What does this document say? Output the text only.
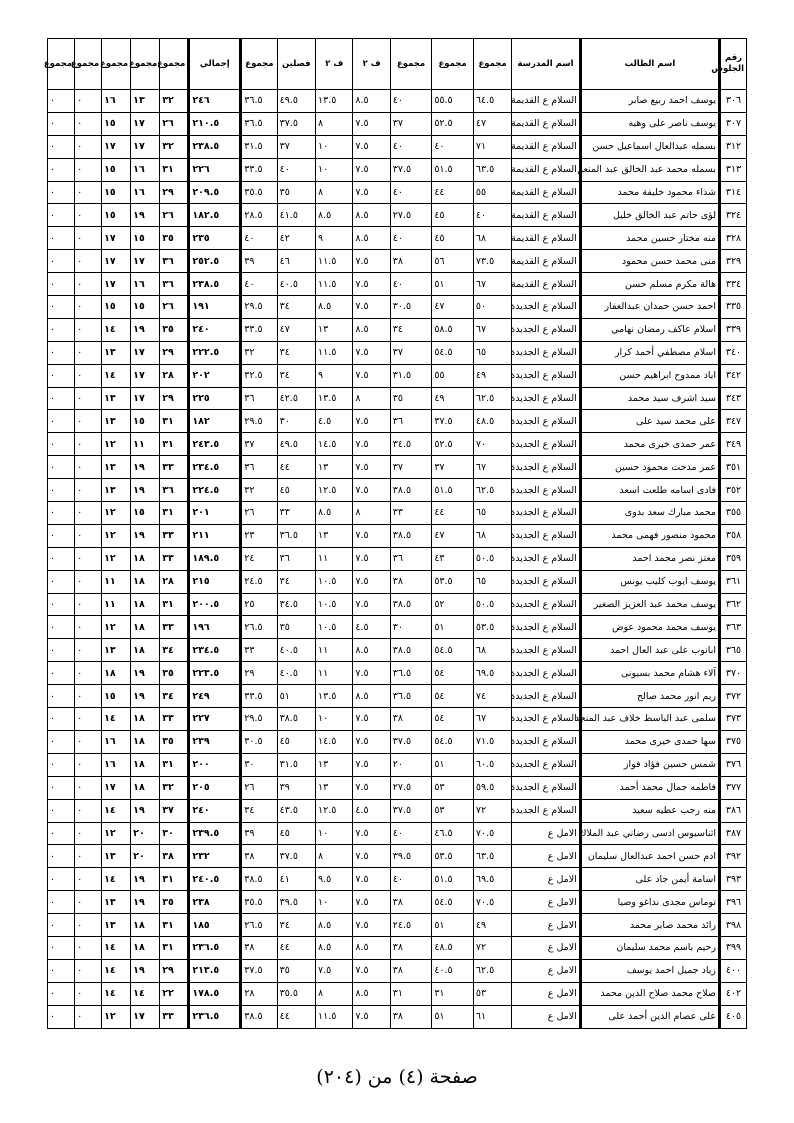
رقم الجلوس	اسم الطالب	اسم المدرسة	مجموع	مجموع	مجموع	ف ٢	ف ٢	فصلين	مجموع	إجمالي	مجموع	مجموع	مجموع	مجموع	مجموع
٣٠٦	يوسف احمد ربيع صابر	السلام ع القديمة	٦٤.٥	٥٥.٥	٤٠	٨.٥	١٣.٥	٤٩.٥	٣٦.٥	٢٤٦	٣٢	١٣	١٦	٠	٠
٣٠٧	يوسف ناصر على وهبه	السلام ع القديمة	٤٧	٥٢.٥	٣٧	٧.٥	٨	٣٧.٥	٣٦.٥	٢١٠.٥	٢٦	١٧	١٥	٠	٠
٣١٢	بسمله عبدالعال اسماعيل حسن	السلام ع القديمة	٧١	٤٠	٤٠	٧.٥	١٠	٣٧	٣١.٥	٢٣٨.٥	٣٢	١٧	١٧	٠	٠
٣١٣	بسمله محمد عبد الخالق عبد المنعم	السلام ع القديمة	٦٣.٥	٥١.٥	٣٧.٥	٧.٥	١٠	٤٠	٣٣.٥	٢٢٦	٣١	١٦	١٥	٠	٠
٣١٤	شذاء محمود خليفة محمد	السلام ع القديمة	٥٥	٤٤	٤٠	٧.٥	٨	٣٥	٣٥.٥	٢٠٩.٥	٢٩	١٦	١٥	٠	٠
٣٢٤	لؤى حاتم عبد الخالق خليل	السلام ع القديمة	٤٠	٤٥	٢٧.٥	٨.٥	٨.٥	٤١.٥	٢٨.٥	١٨٢.٥	٢٦	١٩	١٥	٠	٠
٣٢٨	منه مختار حسين محمد	السلام ع القديمة	٦٨	٤٥	٤٠	٨.٥	٩	٤٢	٤٠	٢٣٥	٣٥	١٥	١٧	٠	٠
٣٢٩	منى محمد حسن محمود	السلام ع القديمة	٧٣.٥	٥٦	٣٨	٧.٥	١١.٥	٤٦	٣٩	٢٥٢.٥	٣٦	١٧	١٧	٠	٠
٣٣٤	هالة مكرم مسلم حسن	السلام ع القديمة	٦٧	٥١	٤٠	٧.٥	١١.٥	٤٠.٥	٤٠	٢٣٨.٥	٣٦	١٦	١٧	٠	٠
٣٣٥	احمد حسن حمدان عبدالغفار	السلام ع الجديدة	٥٠	٤٧	٣٠.٥	٧.٥	٨.٥	٣٤	٢٩.٥	١٩١	٢٦	١٥	١٥	٠	٠
٣٣٩	اسلام عاكف رمضان نهامي	السلام ع الجديدة	٦٧	٥٨.٥	٣٤	٨.٥	١٣	٤٧	٣٣.٥	٢٤٠	٣٥	١٩	١٤	٠	٠
٣٤٠	اسلام مصطفي أحمد كرار	السلام ع الجديدة	٦٥	٥٤.٥	٣٧	٧.٥	١١.٥	٣٤	٣٢	٢٢٢.٥	٢٩	١٧	١٣	٠	٠
٣٤٢	اياد ممدوح ابراهيم حسن	السلام ع الجديدة	٤٩	٥٥	٣١.٥	٧.٥	٩	٣٤	٣٢.٥	٢٠٢	٢٨	١٧	١٤	٠	٠
٣٤٣	سيد اشرف سيد محمد	السلام ع الجديدة	٦٢.٥	٤٩	٣٥	٨	١٣.٥	٤٢.٥	٣٦	٢٢٥	٢٩	١٧	١٣	٠	٠
٣٤٧	على محمد سيد على	السلام ع الجديدة	٤٨.٥	٣٧.٥	٣٦	٧.٥	٤.٥	٣٠	٢٩.٥	١٨٢	٣١	١٥	١٣	٠	٠
٣٤٩	عمر حمدى خيرى محمد	السلام ع الجديدة	٧٠	٥٢.٥	٣٤.٥	٧.٥	١٤.٥	٤٩.٥	٣٧	٢٤٣.٥	٣١	١١	١٢	٠	٠
٣٥١	عمر مدحت محمود حسين	السلام ع الجديدة	٦٧	٣٧	٣٧	٧.٥	١٣	٤٤	٣٦	٢٣٤.٥	٣٣	١٩	١٣	٠	٠
٣٥٢	فادى اسامه طلعت اسعد	السلام ع الجديدة	٦٢.٥	٥١.٥	٣٨.٥	٧.٥	١٢.٥	٤٥	٣٢	٢٢٤.٥	٣٦	١٩	١٣	٠	٠
٣٥٥	محمد مبارك سعد بدوى	السلام ع الجديدة	٦٥	٤٤	٣٣	٨	٨.٥	٣٣	٢٦	٢٠١	٣١	١٥	١٢	٠	٠
٣٥٨	محمود منصور فهمى محمد	السلام ع الجديدة	٦٨	٤٧	٣٨.٥	٧.٥	١٣	٣٦.٥	٢٣	٢١١	٣٣	١٩	١٢	٠	٠
٣٥٩	معتز نصر محمد احمد	السلام ع الجديدة	٥٠.٥	٤٣	٣٦	٧.٥	١١	٣٦	٢٤	١٨٩.٥	٣٣	١٨	١٢	٠	٠
٣٦١	يوسف ايوب كليب يونس	السلام ع الجديدة	٦٥	٥٣.٥	٣٨	٧.٥	١٠.٥	٣٤	٢٤.٥	٢١٥	٢٨	١٨	١١	٠	٠
٣٦٢	يوسف محمد عبد العزيز الصغير	السلام ع الجديدة	٥٠.٥	٥٢	٣٨.٥	٧.٥	١٠.٥	٣٤.٥	٢٥	٢٠٠.٥	٣١	١٨	١١	٠	٠
٣٦٣	يوسف محمد محمود عوض	السلام ع الجديدة	٥٣.٥	٥١	٣٠	٤.٥	١٠.٥	٣٥	٢٦.٥	١٩٦	٣٣	١٨	١٢	٠	٠
٣٦٥	ابانوب على عبد العال احمد	السلام ع الجديدة	٦٨	٥٤.٥	٣٨.٥	٨.٥	١١	٤٠.٥	٣٣	٢٣٤.٥	٣٤	١٨	١٣	٠	٠
٣٧٠	آلاء هشام محمد بسيونى	السلام ع الجديدة	٦٩.٥	٥٤	٣٦.٥	٧.٥	١١	٤٠.٥	٢٩	٢٢٣.٥	٣٥	١٩	١٨	٠	٠
٣٧٢	ريم انور محمد صالح	السلام ع الجديدة	٧٤	٥٤	٣٦.٥	٨.٥	١٣.٥	٥١	٣٣.٥	٢٤٩	٣٤	١٩	١٥	٠	٠
٣٧٣	سلمى عبد الباسط خلاف عبد المنجد	السلام ع الجديدة	٦٧	٥٤	٣٨	٧.٥	١٠	٣٨.٥	٢٩.٥	٢٢٧	٣٣	١٨	١٤	٠	٠
٣٧٥	سها حمدى خيرى محمد	السلام ع الجديدة	٧١.٥	٥٤.٥	٣٧.٥	٧.٥	١٤.٥	٤٥	٣٠.٥	٢٣٩	٣٥	١٨	١٦	٠	٠
٣٧٦	شمس حسين فؤاد فواز	السلام ع الجديدة	٦٠.٥	٥١	٢٠	٧.٥	١٣	٣١.٥	٣٠	٢٠٠	٣١	١٨	١٦	٠	٠
٣٧٧	فاطمه جمال محمد أحمد	السلام ع الجديدة	٥٩.٥	٥٣	٢٧.٥	٧.٥	١٣	٣٩	٢٦	٢٠٥	٣٢	١٨	١٧	٠	٠
٣٨٦	منه رجب عطيه سعيد	السلام ع الجديدة	٧٢	٥٣	٣٧.٥	٤.٥	١٢.٥	٤٣.٥	٣٤	٢٤٠	٣٧	١٩	١٤	٠	٠
٣٨٧	اثناسيوس ادسى رضاني عبد الملاك	الامل ع	٧٠.٥	٤٦.٥	٤٠	٧.٥	١٠	٤٥	٣٩	٢٣٩.٥	٣٠	٢٠	١٢	٠	٠
٣٩٢	ادم حسن احمد عبدالعال سليمان	الامل ع	٦٣.٥	٥٣.٥	٣٩.٥	٧.٥	٨	٣٧.٥	٣٨	٢٣٢	٣٨	٢٠	١٣	٠	٠
٣٩٣	اسامة أيمن جاد على	الامل ع	٦٩.٥	٥١.٥	٤٠	٧.٥	٩.٥	٤١	٣٨.٥	٢٤٠.٥	٣١	١٩	١٤	٠	٠
٣٩٦	توماس مجدى نداغو وصيا	الامل ع	٧٠.٥	٥٤.٥	٣٨	٧.٥	١٠	٣٩.٥	٣٥.٥	٢٣٨	٣٥	١٩	١٣	٠	٠
٣٩٨	رائد محمد صابر محمد	الامل ع	٤٩	٥١	٢٤.٥	٧.٥	٨.٥	٣٤	٢٦.٥	١٨٥	٣١	١٨	١٣	٠	٠
٣٩٩	رحيم باسم محمد سليمان	الامل ع	٧٢	٤٨.٥	٣٨	٨.٥	٨.٥	٤٤	٣٨	٢٣٦.٥	٣١	١٨	١٤	٠	٠
٤٠٠	زياد جميل احمد يوسف	الامل ع	٦٢.٥	٤٠.٥	٣٨	٧.٥	٧.٥	٣٥	٣٧.٥	٢١٣.٥	٢٩	١٩	١٤	٠	٠
٤٠٢	صلاح محمد صلاح الدين محمد	الامل ع	٥٣	٣١	٣١	٨.٥	٨	٣٥.٥	٢٨	١٧٨.٥	٢٢	١٤	١٤	٠	٠
٤٠٥	على عصام الدين أحمد على	الامل ع	٦١	٥١	٣٨	٧.٥	١١.٥	٤٤	٣٨.٥	٢٣٦.٥	٣٣	١٧	١٢	٠	٠
صفحة (٤) من (٢٠٤)
